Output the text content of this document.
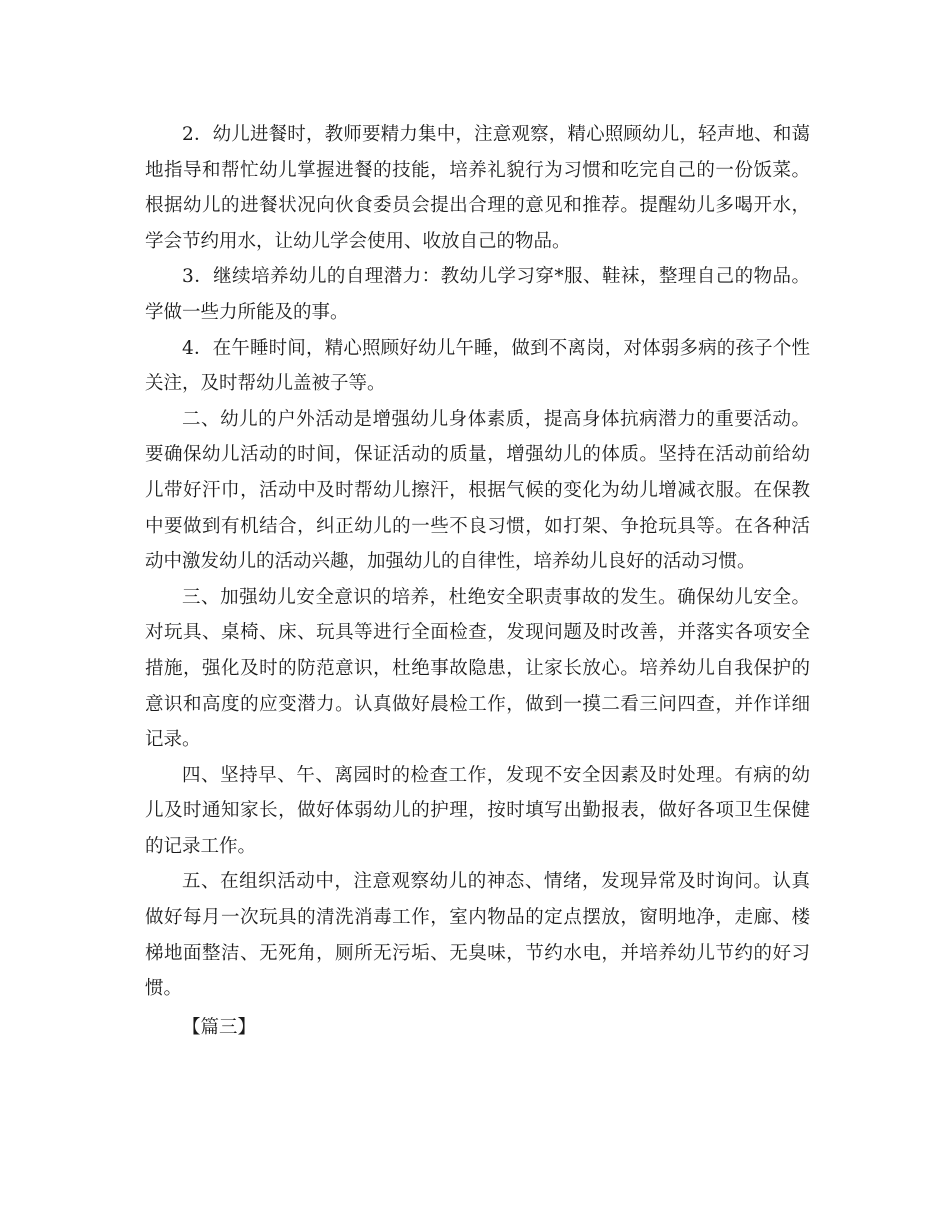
2．幼儿进餐时，教师要精力集中，注意观察，精心照顾幼儿，轻声地、和蔼地指导和帮忙幼儿掌握进餐的技能，培养礼貌行为习惯和吃完自己的一份饭菜。根据幼儿的进餐状况向伙食委员会提出合理的意见和推荐。提醒幼儿多喝开水，学会节约用水，让幼儿学会使用、收放自己的物品。

3．继续培养幼儿的自理潜力：教幼儿学习穿*服、鞋袜，整理自己的物品。学做一些力所能及的事。

4．在午睡时间，精心照顾好幼儿午睡，做到不离岗，对体弱多病的孩子个性关注，及时帮幼儿盖被子等。

二、幼儿的户外活动是增强幼儿身体素质，提高身体抗病潜力的重要活动。要确保幼儿活动的时间，保证活动的质量，增强幼儿的体质。坚持在活动前给幼儿带好汗巾，活动中及时帮幼儿擦汗，根据气候的变化为幼儿增减衣服。在保教中要做到有机结合，纠正幼儿的一些不良习惯，如打架、争抢玩具等。在各种活动中激发幼儿的活动兴趣，加强幼儿的自律性，培养幼儿良好的活动习惯。

三、加强幼儿安全意识的培养，杜绝安全职责事故的发生。确保幼儿安全。对玩具、桌椅、床、玩具等进行全面检查，发现问题及时改善，并落实各项安全措施，强化及时的防范意识，杜绝事故隐患，让家长放心。培养幼儿自我保护的意识和高度的应变潜力。认真做好晨检工作，做到一摸二看三问四查，并作详细记录。

四、坚持早、午、离园时的检查工作，发现不安全因素及时处理。有病的幼儿及时通知家长，做好体弱幼儿的护理，按时填写出勤报表，做好各项卫生保健的记录工作。

五、在组织活动中，注意观察幼儿的神态、情绪，发现异常及时询问。认真做好每月一次玩具的清洗消毒工作，室内物品的定点摆放，窗明地净，走廊、楼梯地面整洁、无死角，厕所无污垢、无臭味，节约水电，并培养幼儿节约的好习惯。

【篇三】
